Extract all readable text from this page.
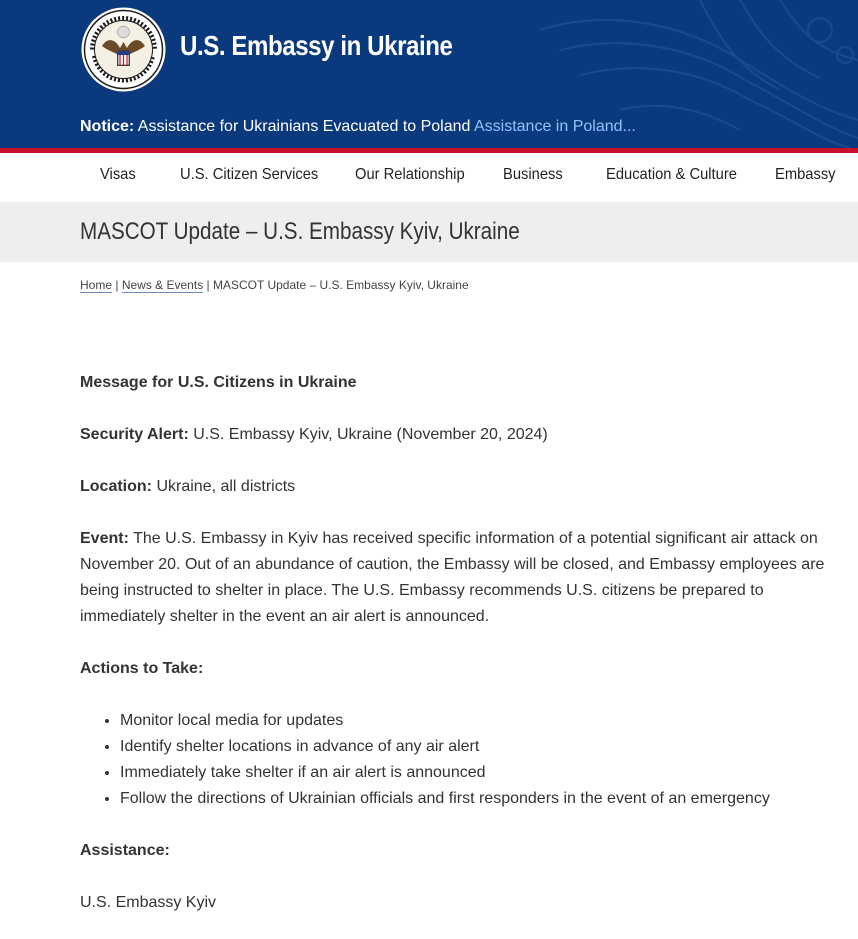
U.S. Embassy in Ukraine
Notice: Assistance for Ukrainians Evacuated to Poland Assistance in Poland...
Visas	U.S. Citizen Services Our Relationship Business	Education & Culture Embassy
MASCOT Update – U.S. Embassy Kyiv, Ukraine
Home | News & Events | MASCOT Update – U.S. Embassy Kyiv, Ukraine

Message for U.S. Citizens in Ukraine

Security Alert: U.S. Embassy Kyiv, Ukraine (November 20, 2024)

Location: Ukraine, all districts

Event: The U.S. Embassy in Kyiv has received specific information of a potential significant air attack on November 20. Out of an abundance of caution, the Embassy will be closed, and Embassy employees are being instructed to shelter in place. The U.S. Embassy recommends U.S. citizens be prepared to immediately shelter in the event an air alert is announced.

Actions to Take:

• Monitor local media for updates
• Identify shelter locations in advance of any air alert
• Immediately take shelter if an air alert is announced
• Follow the directions of Ukrainian officials and first responders in the event of an emergency

Assistance:

U.S. Embassy Kyiv
